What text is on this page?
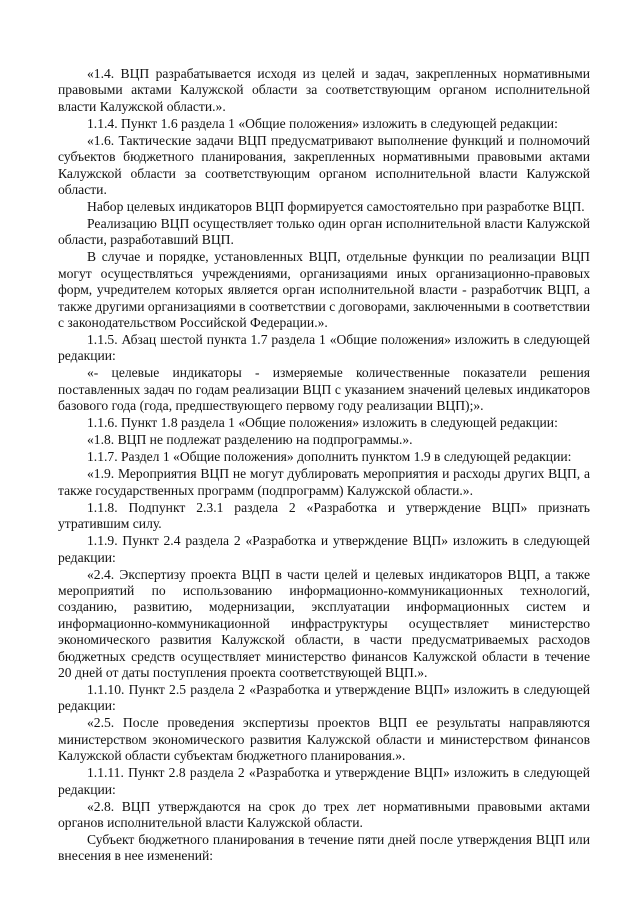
«1.4. ВЦП разрабатывается исходя из целей и задач, закрепленных нормативными правовыми актами Калужской области за соответствующим органом исполнительной власти Калужской области.».

1.1.4. Пункт 1.6 раздела 1 «Общие положения» изложить в следующей редакции:

«1.6. Тактические задачи ВЦП предусматривают выполнение функций и полномочий субъектов бюджетного планирования, закрепленных нормативными правовыми актами Калужской области за соответствующим органом исполнительной власти Калужской области.

Набор целевых индикаторов ВЦП формируется самостоятельно при разработке ВЦП.

Реализацию ВЦП осуществляет только один орган исполнительной власти Калужской области, разработавший ВЦП.

В случае и порядке, установленных ВЦП, отдельные функции по реализации ВЦП могут осуществляться учреждениями, организациями иных организационно-правовых форм, учредителем которых является орган исполнительной власти - разработчик ВЦП, а также другими организациями в соответствии с договорами, заключенными в соответствии с законодательством Российской Федерации.».

1.1.5. Абзац шестой пункта 1.7 раздела 1 «Общие положения» изложить в следующей редакции:

«- целевые индикаторы - измеряемые количественные показатели решения поставленных задач по годам реализации ВЦП с указанием значений целевых индикаторов базового года (года, предшествующего первому году реализации ВЦП);».

1.1.6. Пункт 1.8 раздела 1 «Общие положения» изложить в следующей редакции:

«1.8. ВЦП не подлежат разделению на подпрограммы.».

1.1.7. Раздел 1 «Общие положения» дополнить пунктом 1.9 в следующей редакции:

«1.9. Мероприятия ВЦП не могут дублировать мероприятия и расходы других ВЦП, а также государственных программ (подпрограмм) Калужской области.».

1.1.8. Подпункт 2.3.1 раздела 2 «Разработка и утверждение ВЦП» признать утратившим силу.

1.1.9. Пункт 2.4 раздела 2 «Разработка и утверждение ВЦП» изложить в следующей редакции:

«2.4. Экспертизу проекта ВЦП в части целей и целевых индикаторов ВЦП, а также мероприятий по использованию информационно-коммуникационных технологий, созданию, развитию, модернизации, эксплуатации информационных систем и информационно-коммуникационной инфраструктуры осуществляет министерство экономического развития Калужской области, в части предусматриваемых расходов бюджетных средств осуществляет министерство финансов Калужской области в течение 20 дней от даты поступления проекта соответствующей ВЦП.».

1.1.10. Пункт 2.5 раздела 2 «Разработка и утверждение ВЦП» изложить в следующей редакции:

«2.5. После проведения экспертизы проектов ВЦП ее результаты направляются министерством экономического развития Калужской области и министерством финансов Калужской области субъектам бюджетного планирования.».

1.1.11. Пункт 2.8 раздела 2 «Разработка и утверждение ВЦП» изложить в следующей редакции:

«2.8. ВЦП утверждаются на срок до трех лет нормативными правовыми актами органов исполнительной власти Калужской области.

Субъект бюджетного планирования в течение пяти дней после утверждения ВЦП или внесения в нее изменений:
